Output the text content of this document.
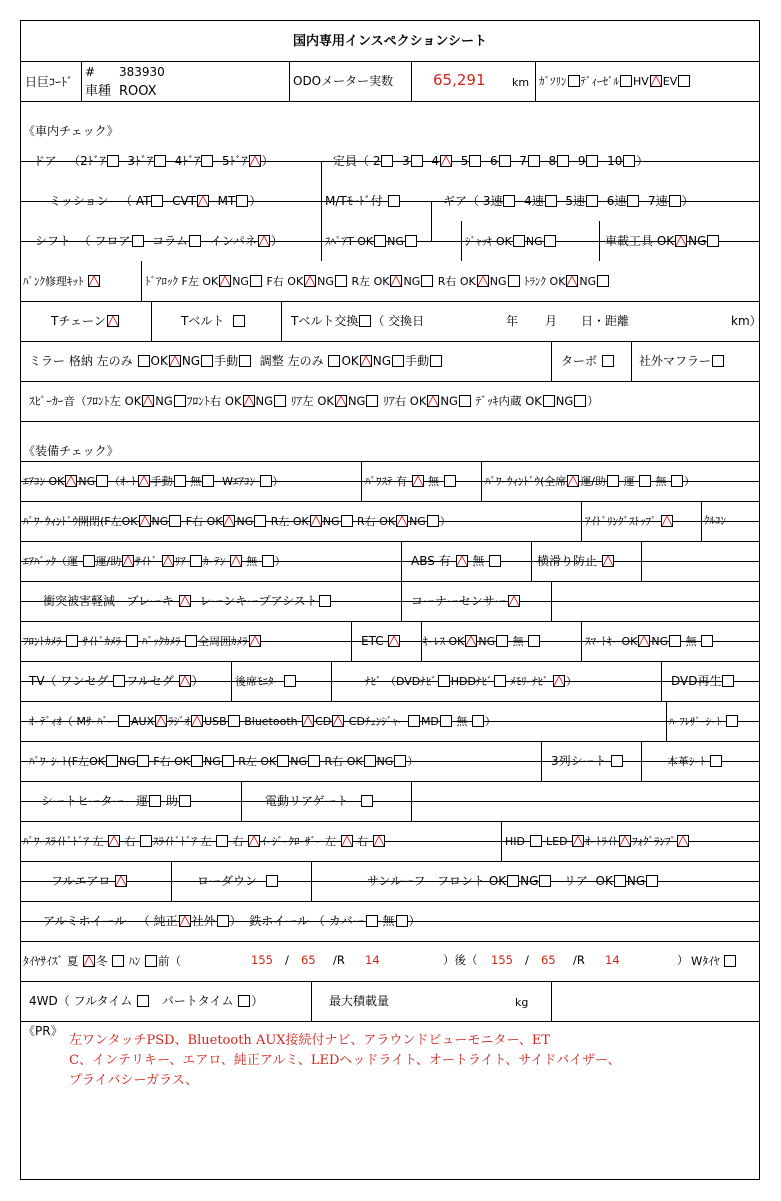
国内専用インスペクションシート
日巨ｺｰﾄﾞ
# 383930
車種 ROOX
ODOメーター実数	65,291 km ｶﾞｿﾘﾝ ﾃﾞｨｰｾﾞﾙ HV EV
《車内チェック》
ドア （2ﾄﾞｱ 3ﾄﾞｱ 4ﾄﾞｱ 5ﾄﾞｱ ）	定員（ 2 3 4 5 6 7 8 9 10 ）
ミッション （ AT CVT MT ）	M/Tﾓｰﾄﾞ付	ギア（ 3速 4速 5速 6速 7速 ）
シフト （ フロア コラム インパネ ）	ｽﾍﾟｱT OK NG	ｼﾞｬｯｷ OK NG	車載工具 OK NG
ﾊﾟﾝｸ修理ｷｯﾄ	ﾄﾞｱﾛｯｸ F左 OK NG F右 OK NG R左 OK NG R右 OK NG ﾄﾗﾝｸ OK NG
Tチェーン	Tベルト	Tベルト交換 （ 交換日	年 月 日・距離	km）
ミラー 格納 左のみ OK NG 手動 調整 左のみ OK NG 手動	ターボ	社外マフラー
ｽﾋﾟｰｶｰ音（ﾌﾛﾝﾄ左 OK NG ﾌﾛﾝﾄ右 OK NG ﾘｱ左 OK NG ﾘｱ右 OK NG ﾃﾞｯｷ内蔵 OK NG ）
《装備チェック》
ｴｱｺﾝ OK NG （ｵｰﾄ 手動 無 Wｴｱｺﾝ ）	ﾊﾟﾜｽﾃ 有 無	ﾊﾟﾜｰｳｨﾝﾄﾞｳ(全席 運/助 運 無 ）
ﾊﾟﾜｰｳｨﾝﾄﾞｳ開閉(F左OK NG F右 OK NG R左 OK NG R右 OK NG ）	ｱｲﾄﾞﾘﾝｸﾞｽﾄｯﾌﾟ	ｸﾙｺﾝ
ｴｱﾊﾞｯｸ（運 運/助 ｻｲﾄﾞ ﾘｱ ｶｰﾃﾝ 無 ）	ABS 有 無	横滑り防止
衝突被害軽減 ブレーキ レーンキープアシスト	コーナーセンサー
ﾌﾛﾝﾄｶﾒﾗ ｻｲﾄﾞｶﾒﾗ ﾊﾞｯｸｶﾒﾗ 全周囲ｶﾒﾗ	ETC	ｷｰﾚｽ OK NG 無	ｽﾏｰﾄｷｰ OK NG 無
TV（ ワンセグ フルセグ ）	後席ﾓﾆﾀｰ	ﾅﾋﾞ （DVDﾅﾋﾞ HDDﾅﾋﾞ ﾒﾓﾘｰﾅﾋﾞ ）	DVD再生
ｵｰﾃﾞｨｵ（ Mｻｰﾊﾞｰ AUX ﾗｼﾞｵ USB Bluetooth CD CDﾁｪﾝｼﾞｬｰ MD 無 ）	ﾊｰﾌﾚｻﾞｰｼｰﾄ
ﾊﾟﾜｰｼｰﾄ(F左OK NG F右 OK NG R左 OK NG R右 OK NG ）	3列シート	本革ｼｰﾄ
シートヒーター 運 助	電動リアゲート
ﾊﾟﾜｰｽﾗｲﾄﾞﾄﾞｱ 左 右 ｽﾗｲﾄﾞﾄﾞｱ 左 右 ｲｰｼﾞｰｸﾛｰｻﾞｰ 左 右	HID LED ｵｰﾄﾗｲﾄ ﾌｫｸﾞﾗﾝﾌﾟ
フルエアロ	ローダウン	サンルーフ フロント OK NG リア OK NG
アルミホイール （ 純正 社外 ） 鉄ホイール （ カバー 無 ）
ﾀｲﾔｻｲｽﾞ 夏 冬 ﾊﾝ 前（	155 / 65 /R 14	）後（ 155 / 65 /R 14	） Wﾀｲﾔ
4WD（ フルタイム パートタイム ）	最大積載量	kg
《PR》
左ワンタッチPSD、Bluetooth AUX接続付ナビ、アラウンドビューモニター、ET
C、インテリキー、エアロ、純正アルミ、LEDヘッドライト、オートライト、サイドバイザー、
プライバシーガラス、
